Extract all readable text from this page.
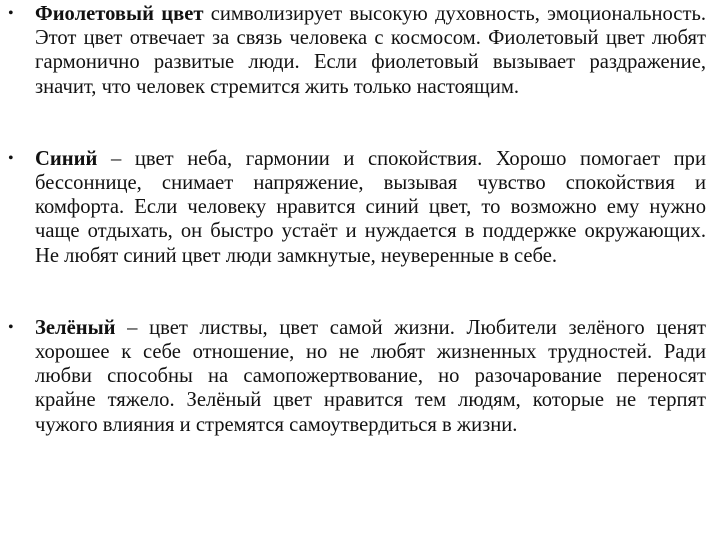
•	Фиолетовый цвет символизирует высокую духовность, эмоциональность. Этот цвет отвечает за связь человека с космосом. Фиолетовый цвет любят гармонично развитые люди. Если фиолетовый вызывает раздражение, значит, что человек стремится жить только настоящим.
•	Синий – цвет неба, гармонии и спокойствия. Хорошо помогает при бессоннице, снимает напряжение, вызывая чувство спокойствия и комфорта. Если человеку нравится синий цвет, то возможно ему нужно чаще отдыхать, он быстро устаёт и нуждается в поддержке окружающих. Не любят синий цвет люди замкнутые, неуверенные в себе.
•	Зелёный – цвет листвы, цвет самой жизни. Любители зелёного ценят хорошее к себе отношение, но не любят жизненных трудностей. Ради любви способны на самопожертвование, но разочарование переносят крайне тяжело. Зелёный цвет нравится тем людям, которые не терпят чужого влияния и стремятся самоутвердиться в жизни.
